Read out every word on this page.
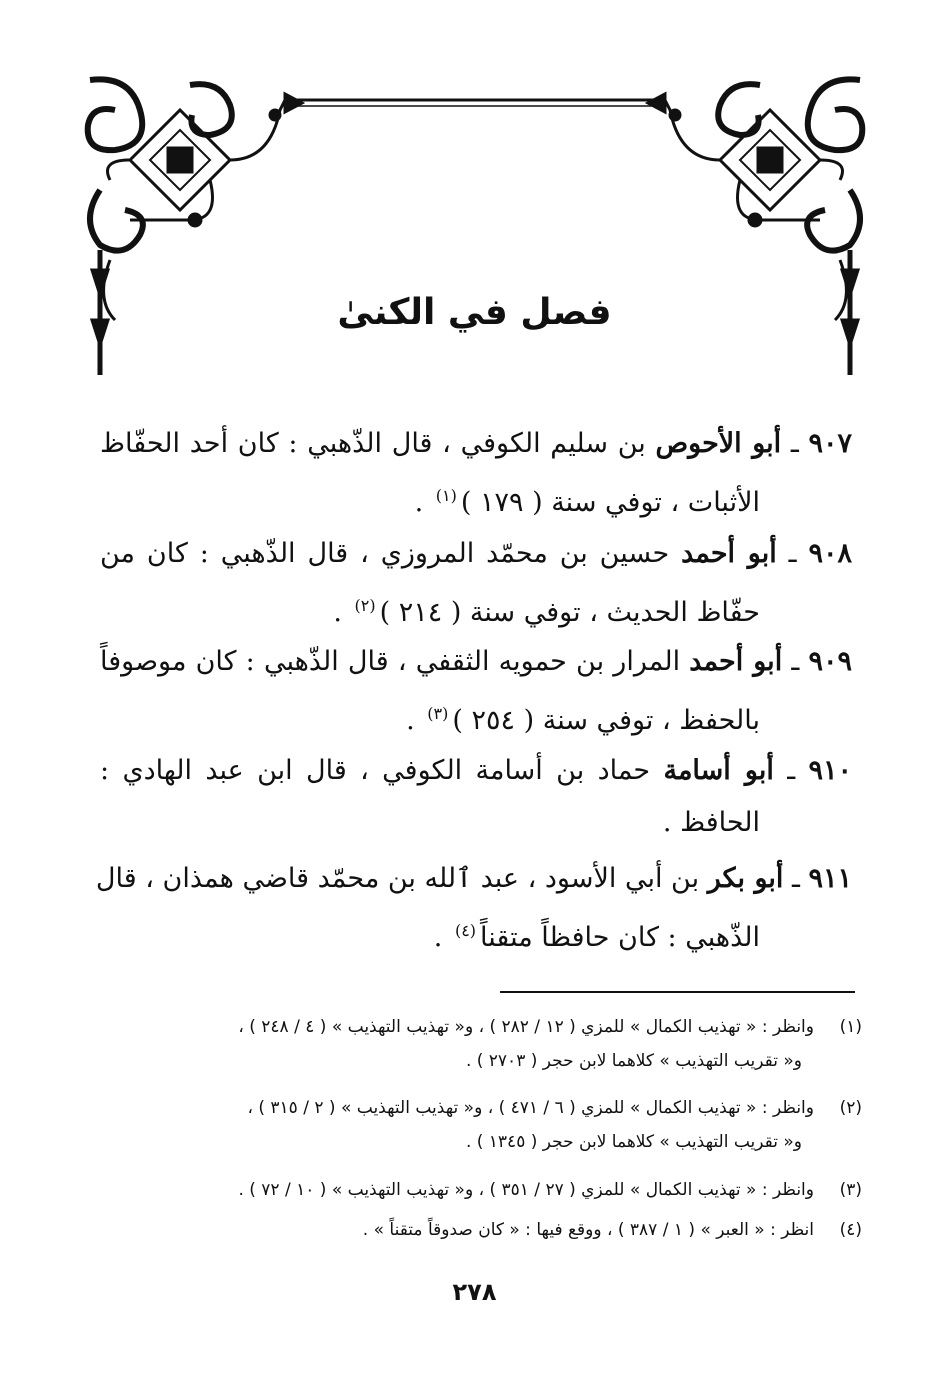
فصل في الكنىٰ
٩٠٧ ـ أبو الأحوص بن سليم الكوفي ، قال الذّهبي : كان أحد الحفّاظ
الأثبات ، توفي سنة ( ١٧٩ )$^{(١)}$ .
٩٠٨ ـ أبو أحمد حسين بن محمّد المروزي ، قال الذّهبي : كان من
حفّاظ الحديث ، توفي سنة ( ٢١٤ )$^{(٢)}$ .
٩٠٩ ـ أبو أحمد المرار بن حمويه الثقفي ، قال الذّهبي : كان موصوفاً
بالحفظ ، توفي سنة ( ٢٥٤ )$^{(٣)}$ .
٩١٠ ـ أبو أسامة حماد بن أسامة الكوفي ، قال ابن عبد الهادي :
الحافظ .
٩١١ ـ أبو بكر بن أبي الأسود ، عبد ٱلله بن محمّد قاضي همذان ، قال
الذّهبي : كان حافظاً متقناً$^{(٤)}$ .
(١)وانظر : « تهذيب الكمال » للمزي ( ١٢ / ٢٨٢ ) ، و« تهذيب التهذيب » ( ٤ / ٢٤٨ ) ،
و« تقريب التهذيب » كلاهما لابن حجر ( ٢٧٠٣ ) .
(٢)وانظر : « تهذيب الكمال » للمزي ( ٦ / ٤٧١ ) ، و« تهذيب التهذيب » ( ٢ / ٣١٥ ) ،
و« تقريب التهذيب » كلاهما لابن حجر ( ١٣٤٥ ) .
(٣)وانظر : « تهذيب الكمال » للمزي ( ٢٧ / ٣٥١ ) ، و« تهذيب التهذيب » ( ١٠ / ٧٢ ) .
(٤)انظر : « العبر » ( ١ / ٣٨٧ ) ، ووقع فيها : « كان صدوقاً متقناً » .
٢٧٨
